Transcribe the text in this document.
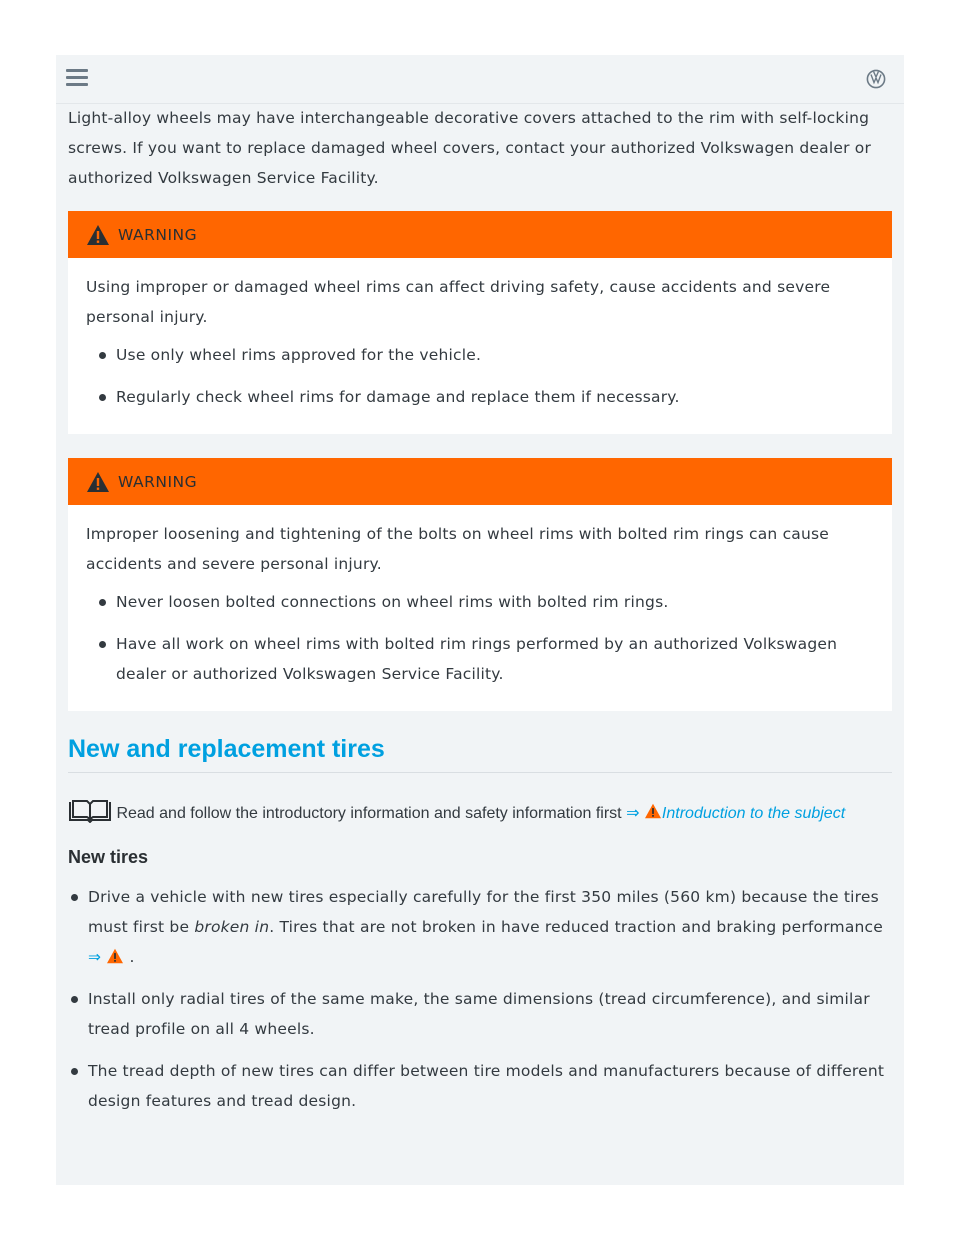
Light-alloy wheels may have interchangeable decorative covers attached to the rim with self-locking screws. If you want to replace damaged wheel covers, contact your authorized Volkswagen dealer or authorized Volkswagen Service Facility.

WARNING

Using improper or damaged wheel rims can affect driving safety, cause accidents and severe personal injury.

Use only wheel rims approved for the vehicle.
Regularly check wheel rims for damage and replace them if necessary.
WARNING

Improper loosening and tightening of the bolts on wheel rims with bolted rim rings can cause accidents and severe personal injury.

Never loosen bolted connections on wheel rims with bolted rim rings.
Have all work on wheel rims with bolted rim rings performed by an authorized Volkswagen dealer or authorized Volkswagen Service Facility.
New and replacement tires
Read and follow the introductory information and safety information first ⇒ Introduction to the subject
New tires
Drive a vehicle with new tires especially carefully for the first 350 miles (560 km) because the tires must first be broken in. Tires that are not broken in have reduced traction and braking performance ⇒ .
Install only radial tires of the same make, the same dimensions (tread circumference), and similar tread profile on all 4 wheels.
The tread depth of new tires can differ between tire models and manufacturers because of different design features and tread design.
